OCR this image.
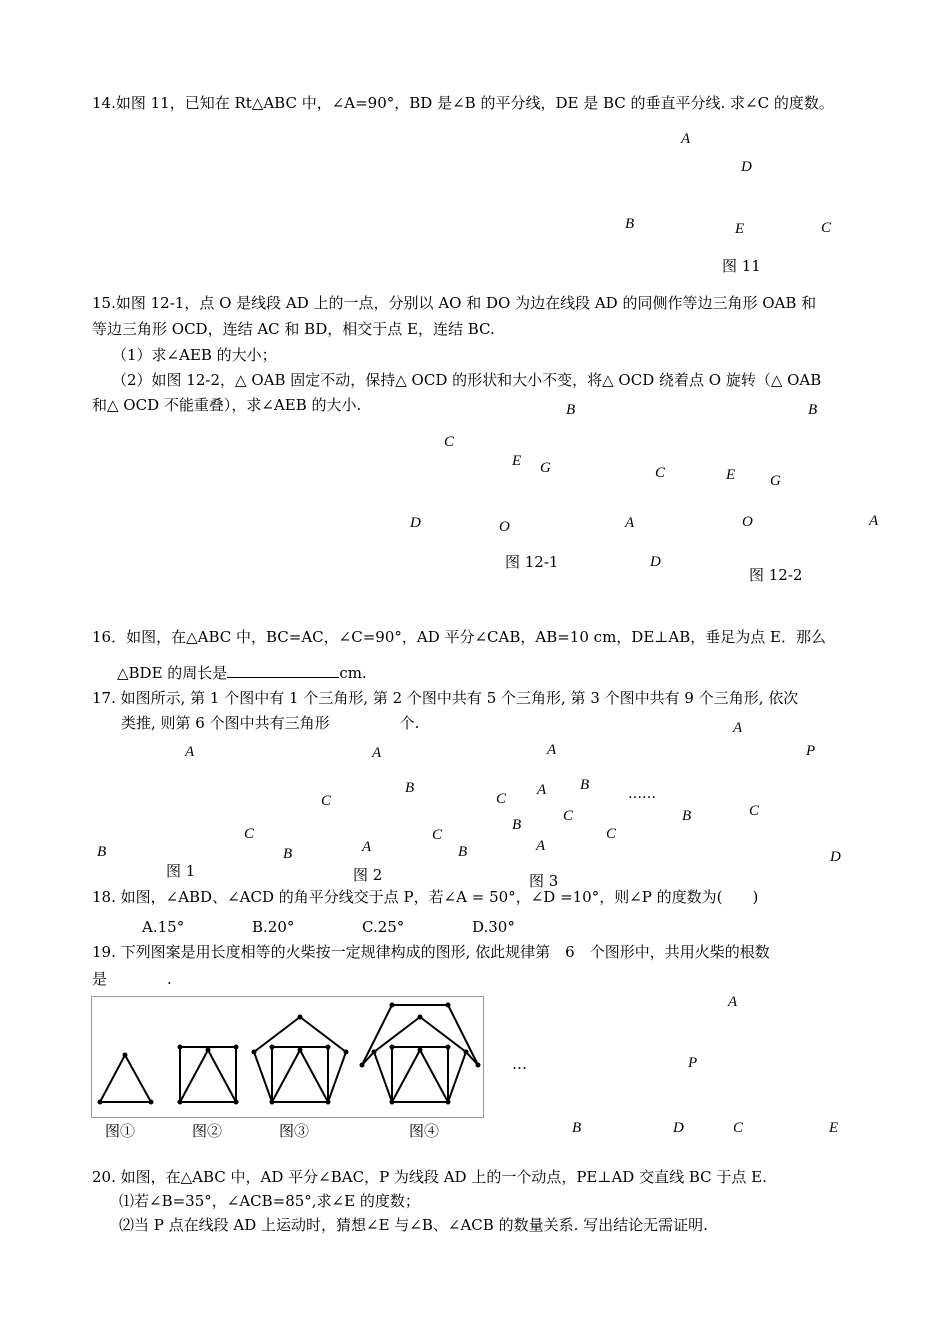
14.如图 11，已知在 Rt△ABC 中，∠A=90°，BD 是∠B 的平分线，DE 是 BC 的垂直平分线. 求∠C 的度数。
A
D
B	E	C
图 11
15.如图 12-1，点 O 是线段 AD 上的一点，分别以 AO 和 DO 为边在线段 AD 的同侧作等边三角形 OAB 和
等边三角形 OCD，连结 AC 和 BD，相交于点 E，连结 BC.
（1）求∠AEB 的大小；
（2）如图 12-2，△ OAB 固定不动，保持△ OCD 的形状和大小不变，将△ OCD 绕着点 O 旋转（△ OAB
和△ OCD 不能重叠），求∠AEB 的大小.	B
C
E G
D	O	A
图 12-1
B
C	E G
O	A
D
图 12-2
16．如图，在△ABC 中，BC=AC，∠C=90°，AD 平分∠CAB，AB=10 cm，DE⊥AB，垂足为点 E．那么
△BDE 的周长是	cm.
17. 如图所示, 第 1 个图中有 1 个三角形, 第 2 个图中共有 5 个三角形, 第 3 个图中共有 9 个三角形, 依次
类推, 则第 6 个图中共有三角形	个.
A
C
B
图 1
A
B
C
A
B
图 2
A
C
B
A
B
C
C
A
B
C
图 3
……
A
P
B	C
D
18. 如图，∠ABD、∠ACD 的角平分线交于点 P，若∠A = 50°，∠D =10°，则∠P 的度数为(　　)
A.15°	B.20°	C.25°	D.30°
19. 下列图案是用长度相等的火柴按一定规律构成的图形, 依此规律第　6　个图形中，共用火柴的根数
是　　　　.
图①	图②	图③	图④
…
A
P
B	D	C	E
20. 如图，在△ABC 中，AD 平分∠BAC，P 为线段 AD 上的一个动点，PE⊥AD 交直线 BC 于点 E.
⑴若∠B=35°，∠ACB=85°,求∠E 的度数；
⑵当 P 点在线段 AD 上运动时，猜想∠E 与∠B、∠ACB 的数量关系. 写出结论无需证明.
